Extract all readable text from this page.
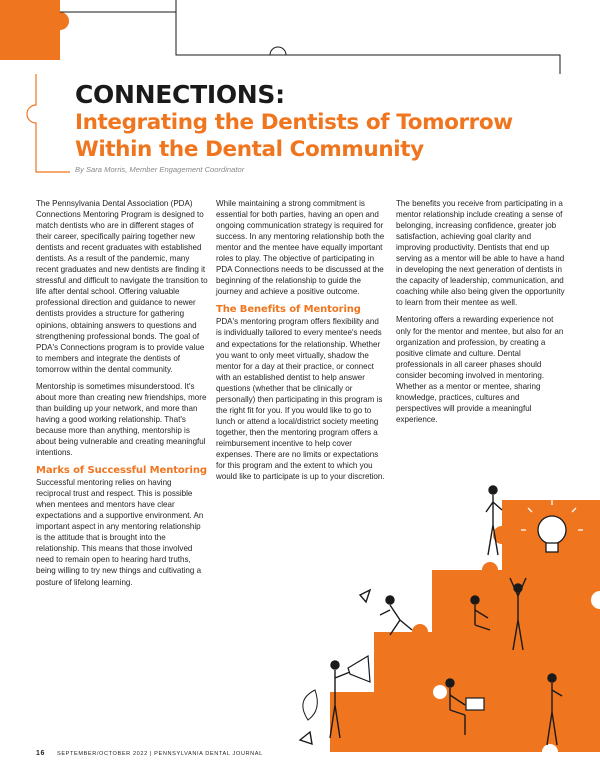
CONNECTIONS:
Integrating the Dentists of Tomorrow
Within the Dental Community
By Sara Morris, Member Engagement Coordinator

The Pennsylvania Dental Association (PDA) Connections Mentoring Program is designed to match dentists who are in different stages of their career, specifically pairing together new dentists and recent graduates with established dentists. As a result of the pandemic, many recent graduates and new dentists are finding it stressful and difficult to navigate the transition to life after dental school. Offering valuable professional direction and guidance to newer dentists provides a structure for gathering opinions, obtaining answers to questions and strengthening professional bonds. The goal of PDA's Connections program is to provide value to members and integrate the dentists of tomorrow within the dental community.

Mentorship is sometimes misunderstood. It's about more than creating new friendships, more than building up your network, and more than having a good working relationship. That's because more than anything, mentorship is about being vulnerable and creating meaningful intentions.

Marks of Successful Mentoring

Successful mentoring relies on having reciprocal trust and respect. This is possible when mentees and mentors have clear expectations and a supportive environment. An important aspect in any mentoring relationship is the attitude that is brought into the relationship. This means that those involved need to remain open to hearing hard truths, being willing to try new things and cultivating a posture of lifelong learning.

While maintaining a strong commitment is essential for both parties, having an open and ongoing communication strategy is required for success. In any mentoring relationship both the mentor and the mentee have equally important roles to play. The objective of participating in PDA Connections needs to be discussed at the beginning of the relationship to guide the journey and achieve a positive outcome.

The Benefits of Mentoring

PDA's mentoring program offers flexibility and is individually tailored to every mentee's needs and expectations for the relationship. Whether you want to only meet virtually, shadow the mentor for a day at their practice, or connect with an established dentist to help answer questions (whether that be clinically or personally) then participating in this program is the right fit for you. If you would like to go to lunch or attend a local/district society meeting together, then the mentoring program offers a reimbursement incentive to help cover expenses. There are no limits or expectations for this program and the extent to which you would like to participate is up to your discretion.

The benefits you receive from participating in a mentor relationship include creating a sense of belonging, increasing confidence, greater job satisfaction, achieving goal clarity and improving productivity. Dentists that end up serving as a mentor will be able to have a hand in developing the next generation of dentists in the capacity of leadership, communication, and coaching while also being given the opportunity to learn from their mentee as well.

Mentoring offers a rewarding experience not only for the mentor and mentee, but also for an organization and profession, by creating a positive climate and culture. Dental professionals in all career phases should consider becoming involved in mentoring. Whether as a mentor or mentee, sharing knowledge, practices, cultures and perspectives will provide a meaningful experience.

16 SEPTEMBER/OCTOBER 2022 | PENNSYLVANIA DENTAL JOURNAL
